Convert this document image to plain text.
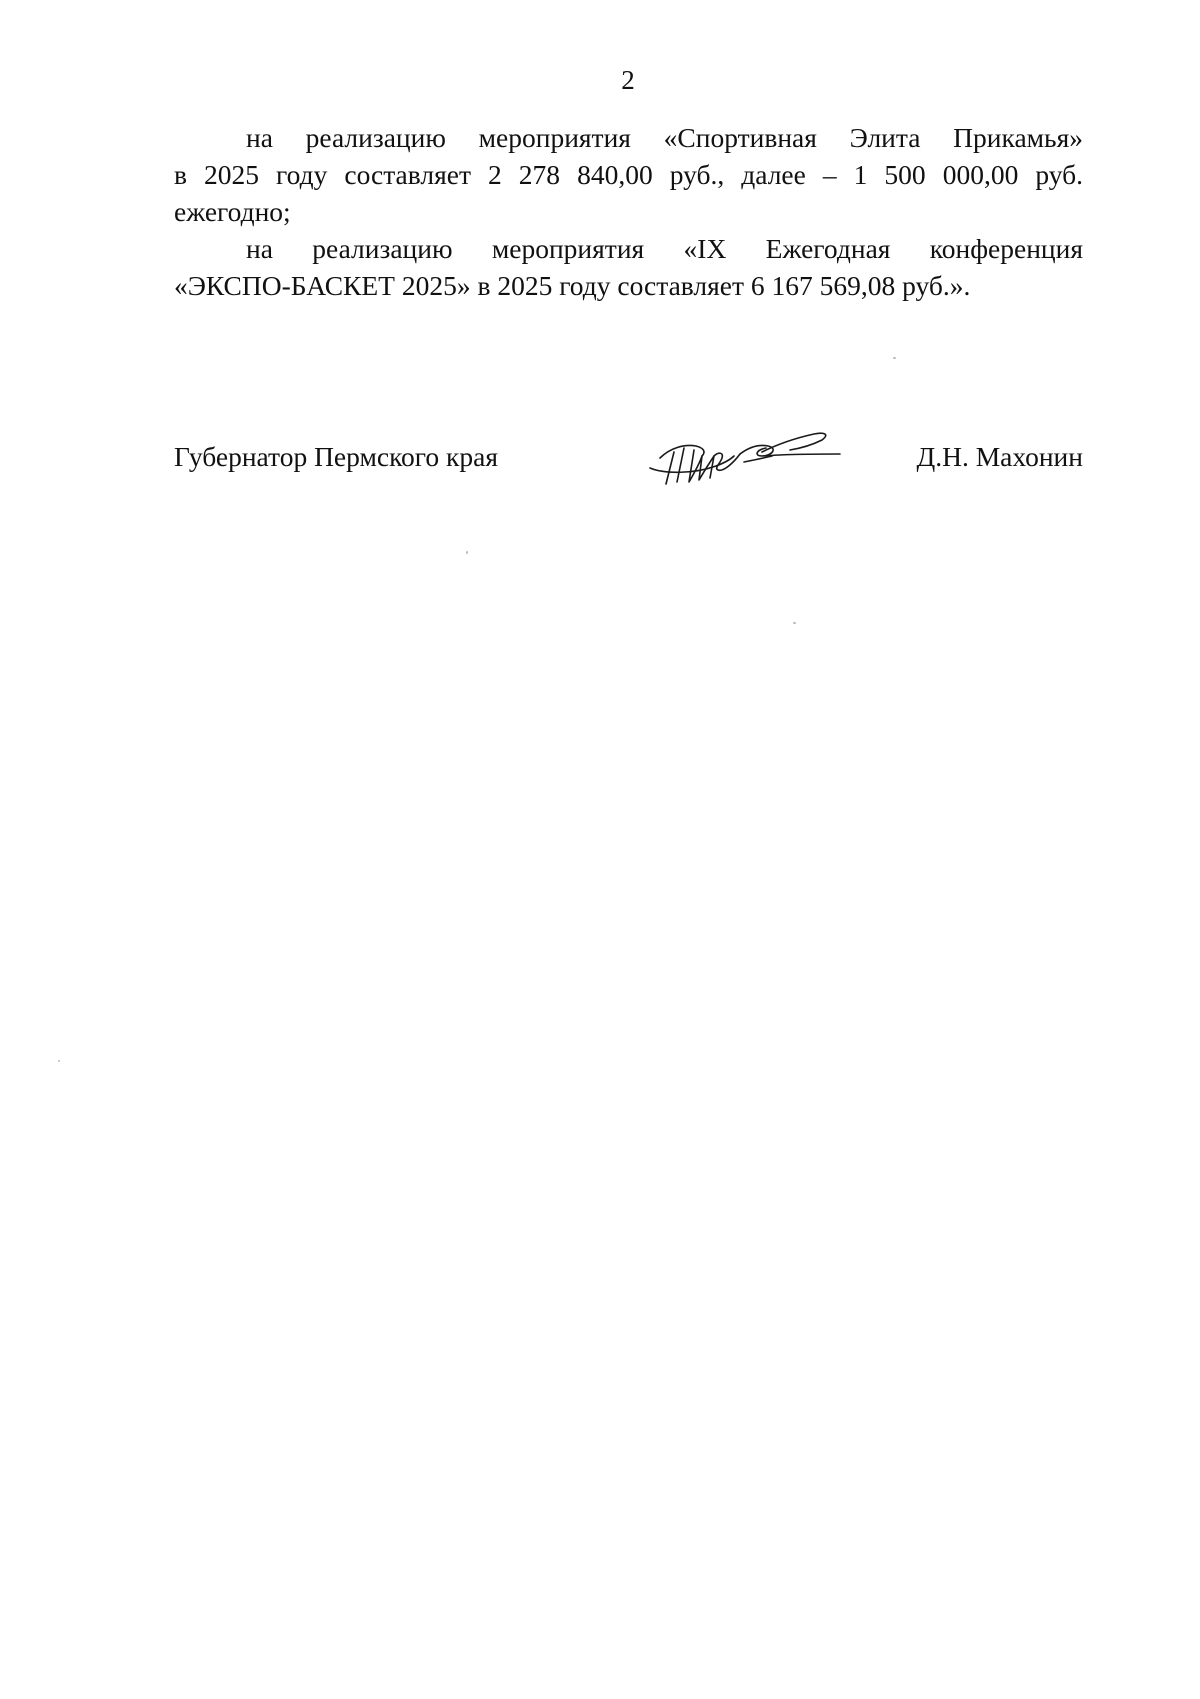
2
на реализацию мероприятия «Спортивная Элита Прикамья»
в 2025 году составляет 2 278 840,00 руб., далее – 1 500 000,00 руб.
ежегодно;
на реализацию мероприятия «IX Ежегодная конференция
«ЭКСПО-БАСКЕТ 2025» в 2025 году составляет 6 167 569,08 руб.».
Губернатор Пермского края	Д.Н. Махонин
